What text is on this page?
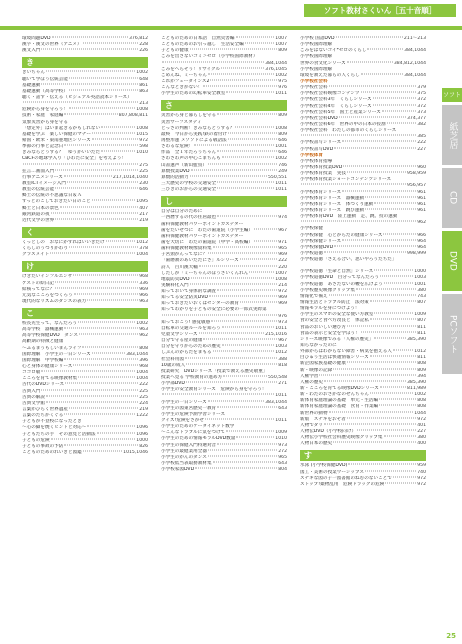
ソフト教材さくいん［五十音順］
環境問題DVD	376,812
漢字・漢文の世界（アニメ）	228
漢文入門	226
き
きいちゃん	1002
聴いて学ぼう伝統芸能	648
基礎運動	861
基礎運動（高等学校）	863
聴く・話す・伝える（ビジュアル英語読本シリーズ）
213
危険から身を守ろう！	1008
技術・家庭　家庭編	807,808,811
気象災害から身を守る
「想定外」はいま起きるかもしれない	1008
基礎を学ぶ　楽しい保健のマナー	1015
帰国・欧米・東南亜地区シリーズ	972
季節の行事と記念日	598
きみならどうする？　ゆうかいいただ	1010
CBCFの地球学入り「ひわたに安全」を考えよう！
275
狂言…画面入門	225
行事アニメシリーズ	217,1014,1040
教室ICTイメージ入門	230
教室の伝統芸能	646
郷土の伝統の不思議な日＆Ａ
ずっとのこしておきたい日のこと	1095
郷土と日本の景色	407
銀河鉄道の夜	217
近代文学の世界	219
く
くっとしの　おなにかすればいいきだけ	1012
くらしのうつりかわり	378
グラスメイト	1004
け
げきたいインフルエンザ	968
ゲストの絵日記	336
結核ってなに？	969
元気なこころをつくろう	966
現代的なリズムのダンスの表力	963
こ
校長先生って、なんだろう	1002
高等学校　器械運動	963
高等学校保健DVD　ダンス	962
高齢期の特徴と健康
〜ふるまうもしいまんライフ	808
国際理解　小学生の一日シリーズ	383,1044
国際理解　中学校編	396
心と身体の健康シリーズ	968
ココロ敏	1004
こころを育てる映像教材集	1004
古代のDVDシリーズ	222
古典入門	225
古典の解説	225
古典文学館	224
言葉がひらく世界遺産	219
言葉のたちかくぐる	1222
子どもが不登校になったとき
〜心の脚を焼くヒントと対応〜	1096
子どもたちの手　その意見と活動法	1096
子どもの危険	1000
子どもの事故の予防	826
こどものためのれいぎと図鑑	1015,1046
こどものための日本語　自然災害編	1007
こどものためのお引っ越し　生活安全編	1007
子どもの健康	809
ごみを出さないゴミ＞ゼロ（小学校国際教材）
384,1044
ごみをへらそう！リサイクル	376,1045
ごめんね、ミーちゃん	1002
これがフューダインス2	975
こんなときがない！	976
小学生のための幻転車安全教室	1011
さ
災害から身と暮らしを守る	809
災害サーフスタディ
とっさの判断！きみならどうする？	1008
最終　今日から実践!鉄の着付け	809
再整形運 メゾソドによる敬語法	646
さわるな危険！	1001
作品　全１年たろうちゃん	646
ざわざわ声の中心こまちんも	1002
山書運声（新山藍鳥）	746
算数授業DVD	249
算数的活動力	550,551
三大歴史の学校の交通安全	1011
三びきのおからの交通安全	1011
し
自分は自分のために
一西暦するの代の住居最也	974
歯科保健教材パワーポイントカステター
歯をたいせつに　わたの歯道院（小学生編）	967
歯科保健教材パワーポイントカステター
歯を大切に　わたの歯道院（中学・高校編）	971
歯科保健教材映像資料集	965
子宮頸がんってなに？	969
「歯磨教のあいただにさ」ルシリーズ	222
詩人　百川漢大輔	220
したしが「ミーちゃんのぼうさいくんれん	1007
地震防災DVD	1008
実験科化入門	214
知っておいて身体的な調査	972
知ってる安全防災DVD	969
知っておきたいおくはセンターの教育	969
知ってわかりを子どもの安全に必要の一郎式実際第
976
知っておこう! 感覚敏感	973
自転車の交通ルールを知ろう	1011
児童文学シリーズ	215,1016
自分で守る屋の健康	967
自分を守りからのための歴史	1003
しぶんのからだをまもる	1012
社会科用図	388
10歳の成人	818
授業研究　DVDシリーズ「授業で教える歴史敬重」
授業へ見る 学校教育の進め方	550,548
小学部DVD	271
小学生の安全教育シリーズ　危険から身を守ろう！
1011
小学生の一日シリーズ	383,1044
小学生の図東宮歴史一教育	643
小学生の危険予測学習シリーズ
クイズ!危険をさがせ	1011
小学生のためのケータイネット数学
〜こんなトラブルに気をつけて	1009
小学生のための情報モラルDVD数量	1010
小学生の保健入門特選対音	973
小学生の最健業用全器	272
小学生のがんのダンス	965
小学校低当表取務教材集	643
小学校家図DVD	804
小学校 国語DVD	211〜213
小学校国際理解
ごみをはないゴイ*ゼロのくらし	384,1044
小学校国際理解
世界の食文化シリーズ	384,812,1044
小学校国際理解
環境を教えた暮らの人くらし	384,1044
小学校社会科
小学校社会科	379
小学校社会科映像コンテンツ	375
小学校社会科3年　くらしシリーズ	372
小学校社会科4年　くらしシリーズ	372
小学校社会科5年　国土と産業シリーズ	373
小学校社会科DVD	374,377
小学校社会科6年　世界の中の日本の役割	382
小学校社会科　わたしの都市のくらしシリーズ
385
小学校書写シリーズ	222
小学校書写DVD	227
小学校体育
小学校体育指導
小学校体育授業DVD	960
小学校体育授業　実技	958,959
小学校体育授業ショートコンテンツシリーズ
956,957
小学校体育シリーズ	961
小学校体育シリーズ　器械運動	961
小学校体育シリーズ　体つくり運動	961
小学校体育シリーズ　跳び運動	961
小学校体育DVD　陸上運動　走、跳、投の運動
962
小学校保健
小学校保健　心とからだの健康シリーズ	966
小学校保健シリーズ	964
小学校保健DVD	964
小学校道徳	998,999
小学校道徳「さえる合い、思いやろうたちた」
小学校道徳「生命と自然」シリーズ	1000
小学校道徳DVD　目分ってなんだろう	1003
小学校道徳　あさたないの鞭を広げよう	1001
小学校歴史映像クリップ集	380
情報化で備え	743
情報生活とトラブル防止　法対策	807
情報モラルを身につけよう！
小学生のスマホの安全な使い方教室	1009
食の安全と食べ方改良と　体記私	807
食品のおいしい選び方	811
食品の表示と安全を学ぼう！	811
シリーズ映像でみる「人権の歴史」	385,390
知らなかったのに
外部からはわからない障害・病気を抱える人	1012
白ひゅう生活は快適情報シリーズ	811
新企図家族基礎の健康	808
新・映像の記録	809
人権学習	394
人権の歴史	385,390
新・こころを育てる映像DVDシリーズ	811,989
新・わたのおさかなのぜんちゃん	1002
新体育家庭理論の基礎　単元・生活編	808
新体育家庭理論の基礎　食育・作業編	808
新世界の動物	1044
新版　スナギをおそ者	972
人物でダリ	401
人物伝DVD（小学校向け）	227
人物伝小学校社会科歴史映像クリップ集	380
人物日本の歴史	400
す
水泳 (小学校保健DVD)	959
図工・美術の授業ウーシップス	740
スナギな図の子一図書館のねむのないことで	972
ストップ!薬物乱用　危険ドラッグの危険	972
ソフト
紙芝居
CD
DVD
PCソフト
25
